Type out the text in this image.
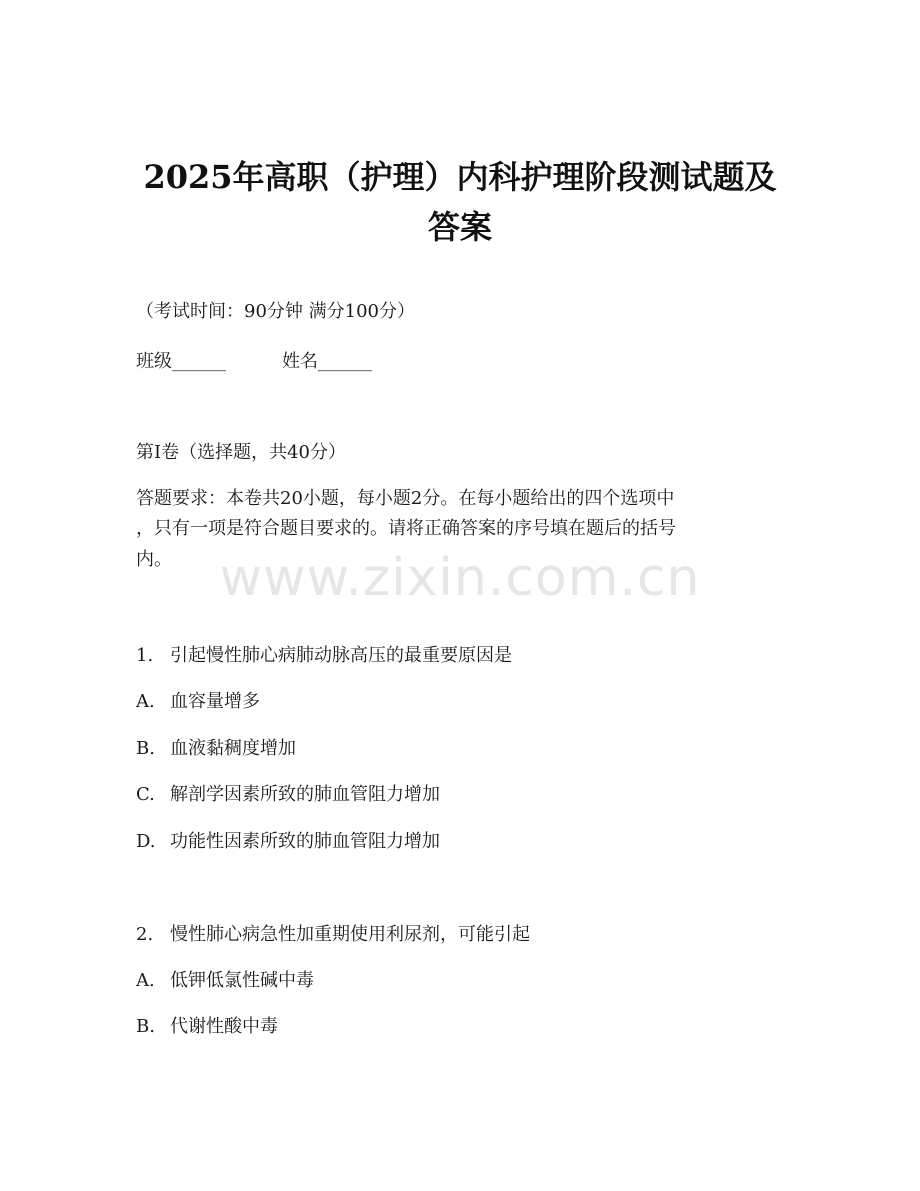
2025年高职（护理）内科护理阶段测试题及
答案
（考试时间：90分钟 满分100分）
班级______	姓名______
第I卷（选择题，共40分）
答题要求：本卷共20小题，每小题2分。在每小题给出的四个选项中
，只有一项是符合题目要求的。请将正确答案的序号填在题后的括号
内。 www.zixin.com.cn
1. 引起慢性肺心病肺动脉高压的最重要原因是
A. 血容量增多
B. 血液黏稠度增加
C. 解剖学因素所致的肺血管阻力增加
D. 功能性因素所致的肺血管阻力增加
2. 慢性肺心病急性加重期使用利尿剂，可能引起
A. 低钾低氯性碱中毒
B. 代谢性酸中毒
